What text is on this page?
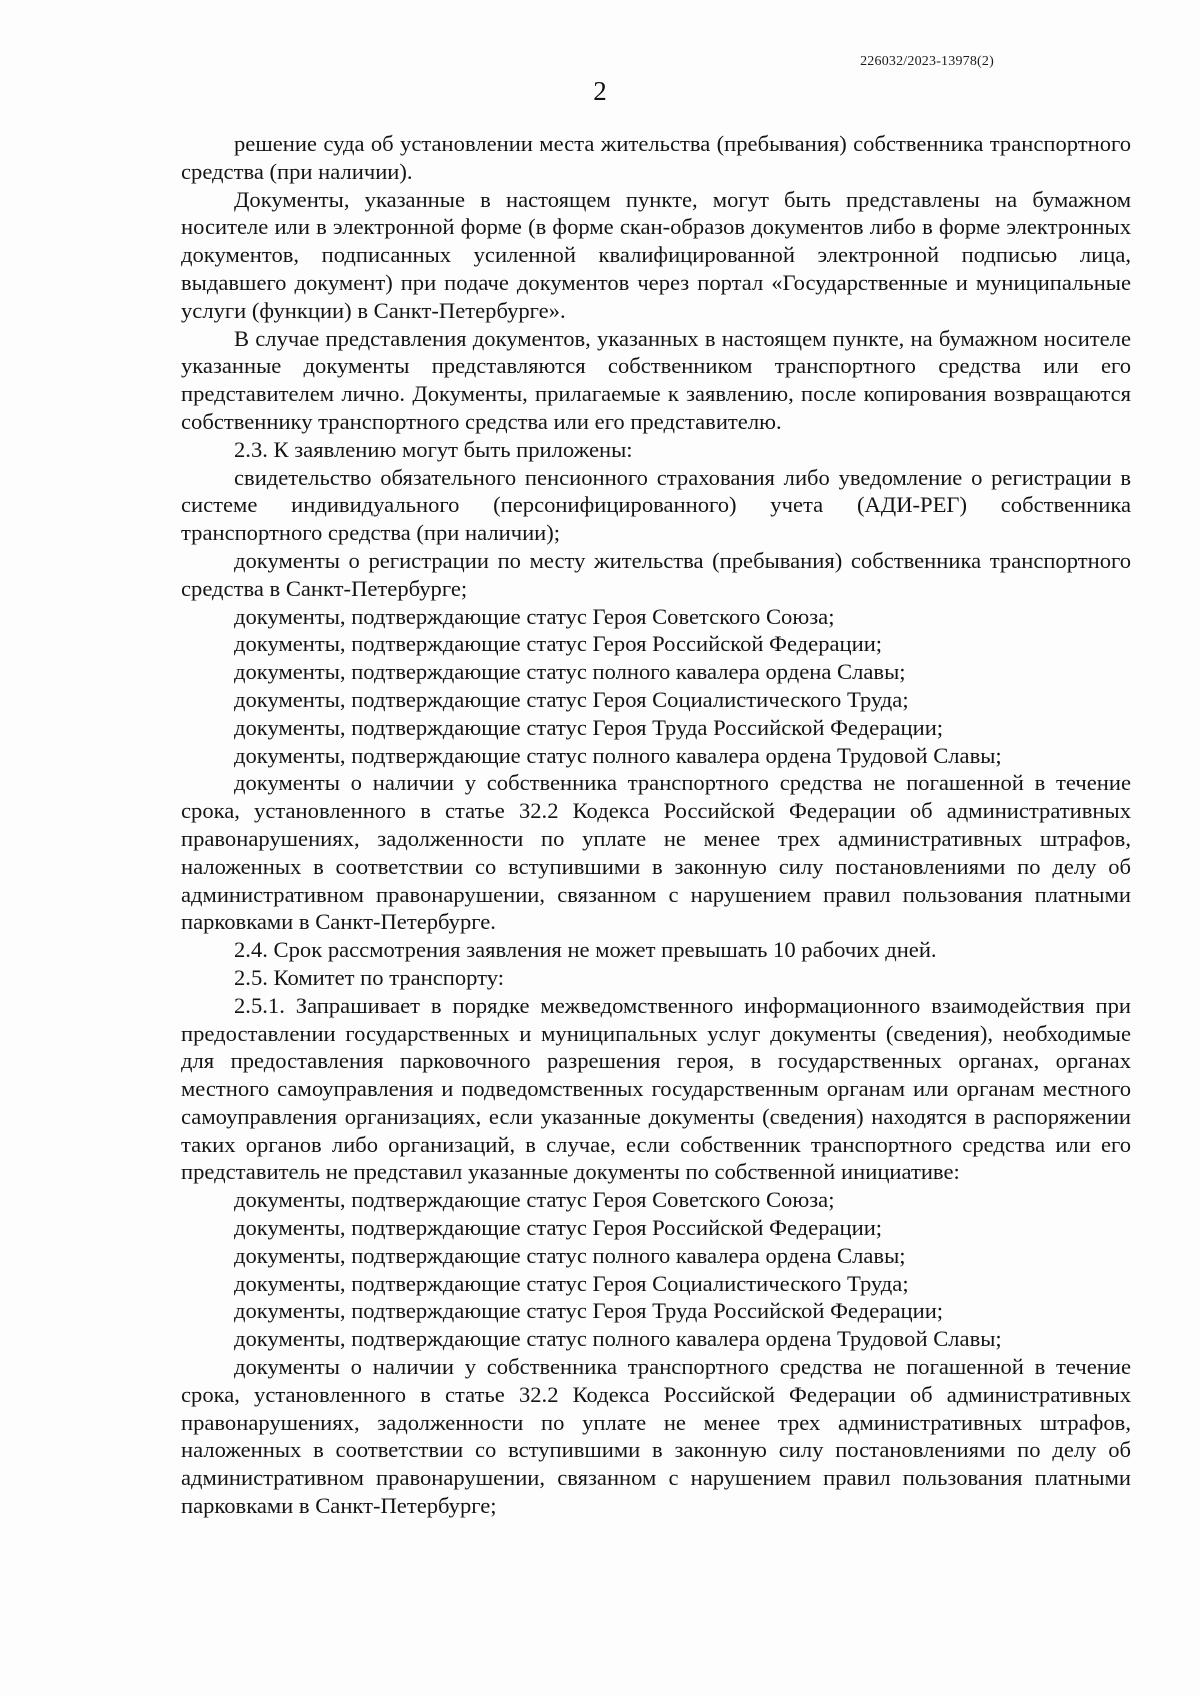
226032/2023-13978(2)
2

решение суда об установлении места жительства (пребывания) собственника транспортного средства (при наличии).

Документы, указанные в настоящем пункте, могут быть представлены на бумажном носителе или в электронной форме (в форме скан-образов документов либо в форме электронных документов, подписанных усиленной квалифицированной электронной подписью лица, выдавшего документ) при подаче документов через портал «Государственные и муниципальные услуги (функции) в Санкт-Петербурге».

В случае представления документов, указанных в настоящем пункте, на бумажном носителе указанные документы представляются собственником транспортного средства или его представителем лично. Документы, прилагаемые к заявлению, после копирования возвращаются собственнику транспортного средства или его представителю.

2.3. К заявлению могут быть приложены:

свидетельство обязательного пенсионного страхования либо уведомление о регистрации в системе индивидуального (персонифицированного) учета (АДИ-РЕГ) собственника транспортного средства (при наличии);

документы о регистрации по месту жительства (пребывания) собственника транспортного средства в Санкт-Петербурге;

документы, подтверждающие статус Героя Советского Союза;

документы, подтверждающие статус Героя Российской Федерации;

документы, подтверждающие статус полного кавалера ордена Славы;

документы, подтверждающие статус Героя Социалистического Труда;

документы, подтверждающие статус Героя Труда Российской Федерации;

документы, подтверждающие статус полного кавалера ордена Трудовой Славы;

документы о наличии у собственника транспортного средства не погашенной в течение срока, установленного в статье 32.2 Кодекса Российской Федерации об административных правонарушениях, задолженности по уплате не менее трех административных штрафов, наложенных в соответствии со вступившими в законную силу постановлениями по делу об административном правонарушении, связанном с нарушением правил пользования платными парковками в Санкт-Петербурге.

2.4. Срок рассмотрения заявления не может превышать 10 рабочих дней.

2.5. Комитет по транспорту:

2.5.1. Запрашивает в порядке межведомственного информационного взаимодействия при предоставлении государственных и муниципальных услуг документы (сведения), необходимые для предоставления парковочного разрешения героя, в государственных органах, органах местного самоуправления и подведомственных государственным органам или органам местного самоуправления организациях, если указанные документы (сведения) находятся в распоряжении таких органов либо организаций, в случае, если собственник транспортного средства или его представитель не представил указанные документы по собственной инициативе:

документы, подтверждающие статус Героя Советского Союза;

документы, подтверждающие статус Героя Российской Федерации;

документы, подтверждающие статус полного кавалера ордена Славы;

документы, подтверждающие статус Героя Социалистического Труда;

документы, подтверждающие статус Героя Труда Российской Федерации;

документы, подтверждающие статус полного кавалера ордена Трудовой Славы;

документы о наличии у собственника транспортного средства не погашенной в течение срока, установленного в статье 32.2 Кодекса Российской Федерации об административных правонарушениях, задолженности по уплате не менее трех административных штрафов, наложенных в соответствии со вступившими в законную силу постановлениями по делу об административном правонарушении, связанном с нарушением правил пользования платными парковками в Санкт-Петербурге;
